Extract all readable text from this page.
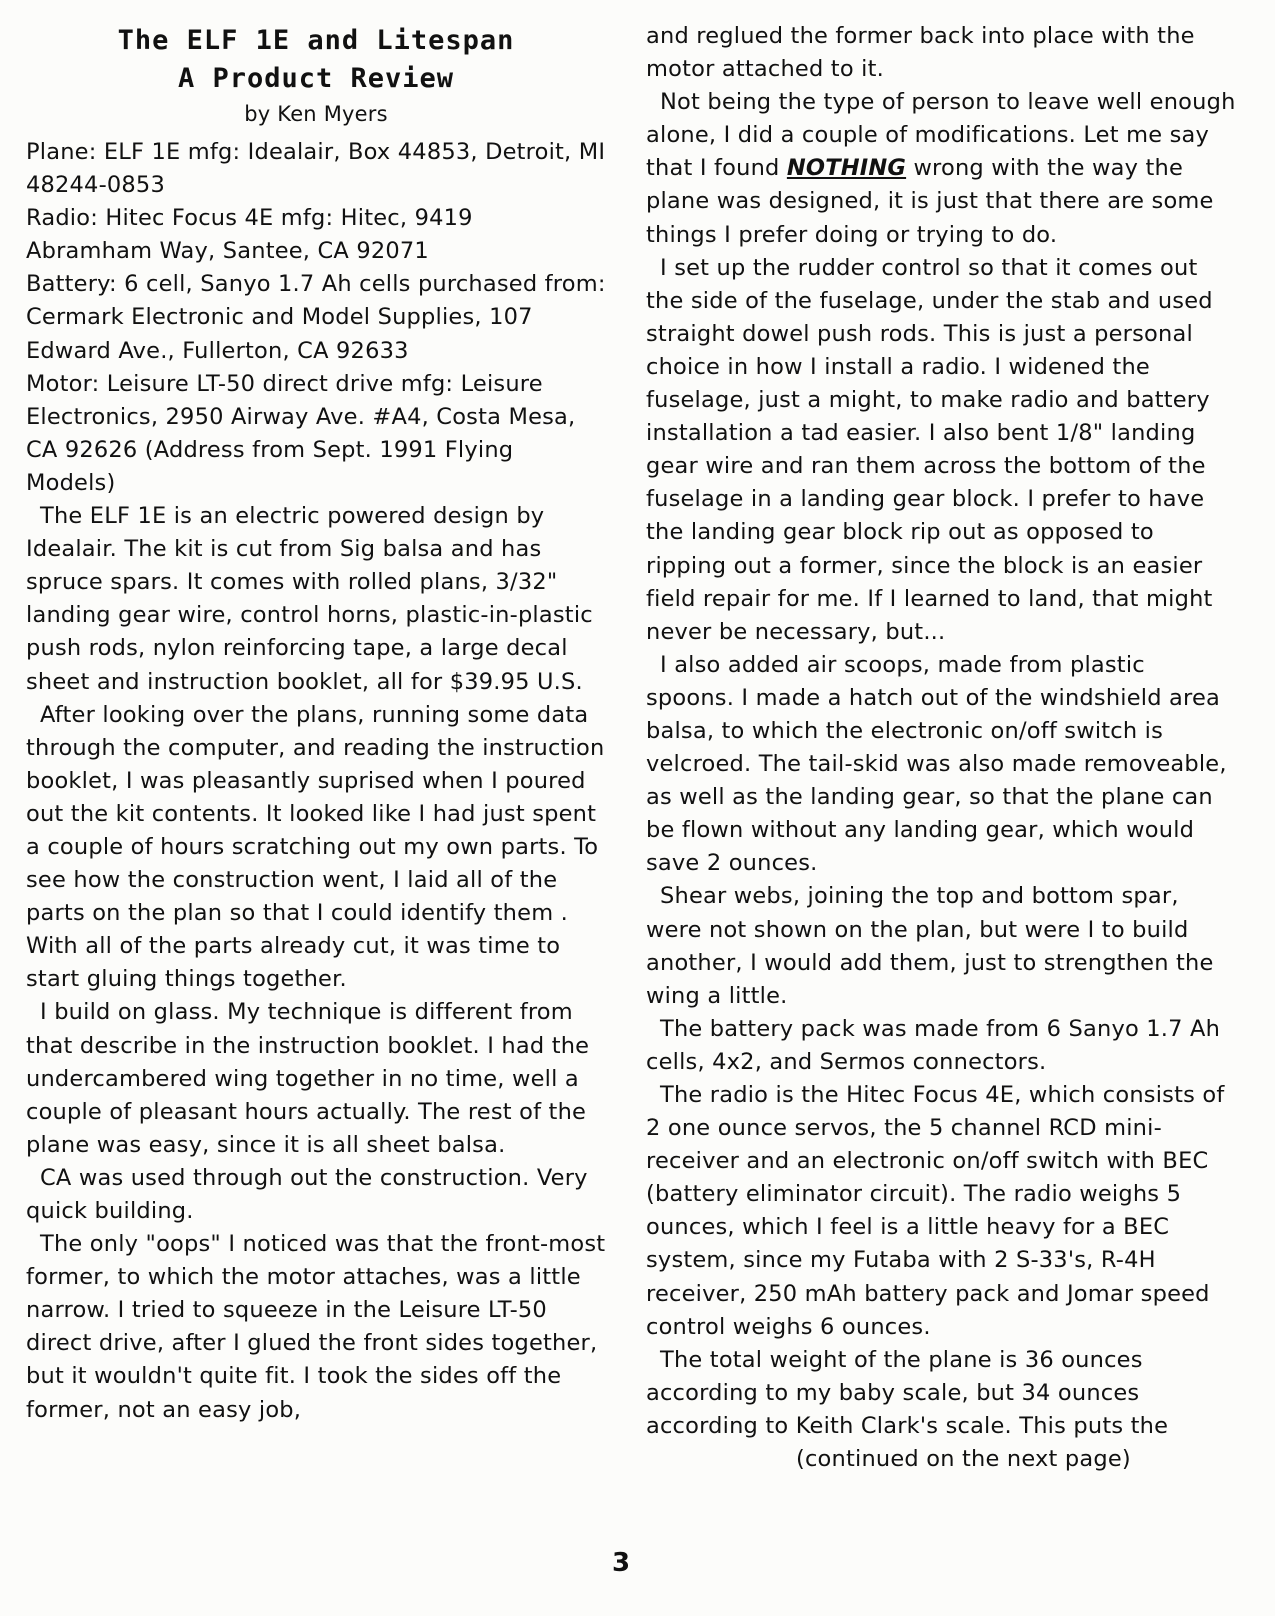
The ELF 1E and Litespan
A Product Review

by Ken Myers

Plane: ELF 1E mfg: Idealair, Box 44853, Detroit, MI 48244-0853

Radio: Hitec Focus 4E mfg: Hitec, 9419 Abramham Way, Santee, CA 92071

Battery: 6 cell, Sanyo 1.7 Ah cells purchased from: Cermark Electronic and Model Supplies, 107 Edward Ave., Fullerton, CA 92633

Motor: Leisure LT-50 direct drive mfg: Leisure Electronics, 2950 Airway Ave. #A4, Costa Mesa, CA 92626 (Address from Sept. 1991 Flying Models)

The ELF 1E is an electric powered design by Idealair. The kit is cut from Sig balsa and has spruce spars. It comes with rolled plans, 3/32" landing gear wire, control horns, plastic-in-plastic push rods, nylon reinforcing tape, a large decal sheet and instruction booklet, all for $39.95 U.S.

After looking over the plans, running some data through the computer, and reading the instruction booklet, I was pleasantly suprised when I poured out the kit contents. It looked like I had just spent a couple of hours scratching out my own parts. To see how the construction went, I laid all of the parts on the plan so that I could identify them . With all of the parts already cut, it was time to start gluing things together.

I build on glass. My technique is different from that describe in the instruction booklet. I had the undercambered wing together in no time, well a couple of pleasant hours actually. The rest of the plane was easy, since it is all sheet balsa.

CA was used through out the construction. Very quick building.

The only "oops" I noticed was that the front-most former, to which the motor attaches, was a little narrow. I tried to squeeze in the Leisure LT-50 direct drive, after I glued the front sides together, but it wouldn't quite fit. I took the sides off the former, not an easy job,

and reglued the former back into place with the motor attached to it.

Not being the type of person to leave well enough alone, I did a couple of modifications. Let me say that I found NOTHING wrong with the way the plane was designed, it is just that there are some things I prefer doing or trying to do.

I set up the rudder control so that it comes out the side of the fuselage, under the stab and used straight dowel push rods. This is just a personal choice in how I install a radio. I widened the fuselage, just a might, to make radio and battery installation a tad easier. I also bent 1/8" landing gear wire and ran them across the bottom of the fuselage in a landing gear block. I prefer to have the landing gear block rip out as opposed to ripping out a former, since the block is an easier field repair for me. If I learned to land, that might never be necessary, but...

I also added air scoops, made from plastic spoons. I made a hatch out of the windshield area balsa, to which the electronic on/off switch is velcroed. The tail-skid was also made removeable, as well as the landing gear, so that the plane can be flown without any landing gear, which would save 2 ounces.

Shear webs, joining the top and bottom spar, were not shown on the plan, but were I to build another, I would add them, just to strengthen the wing a little.

The battery pack was made from 6 Sanyo 1.7 Ah cells, 4x2, and Sermos connectors.

The radio is the Hitec Focus 4E, which consists of 2 one ounce servos, the 5 channel RCD mini-receiver and an electronic on/off switch with BEC (battery eliminator circuit). The radio weighs 5 ounces, which I feel is a little heavy for a BEC system, since my Futaba with 2 S-33's, R-4H receiver, 250 mAh battery pack and Jomar speed control weighs 6 ounces.

The total weight of the plane is 36 ounces according to my baby scale, but 34 ounces according to Keith Clark's scale. This puts the

(continued on the next page)

3
